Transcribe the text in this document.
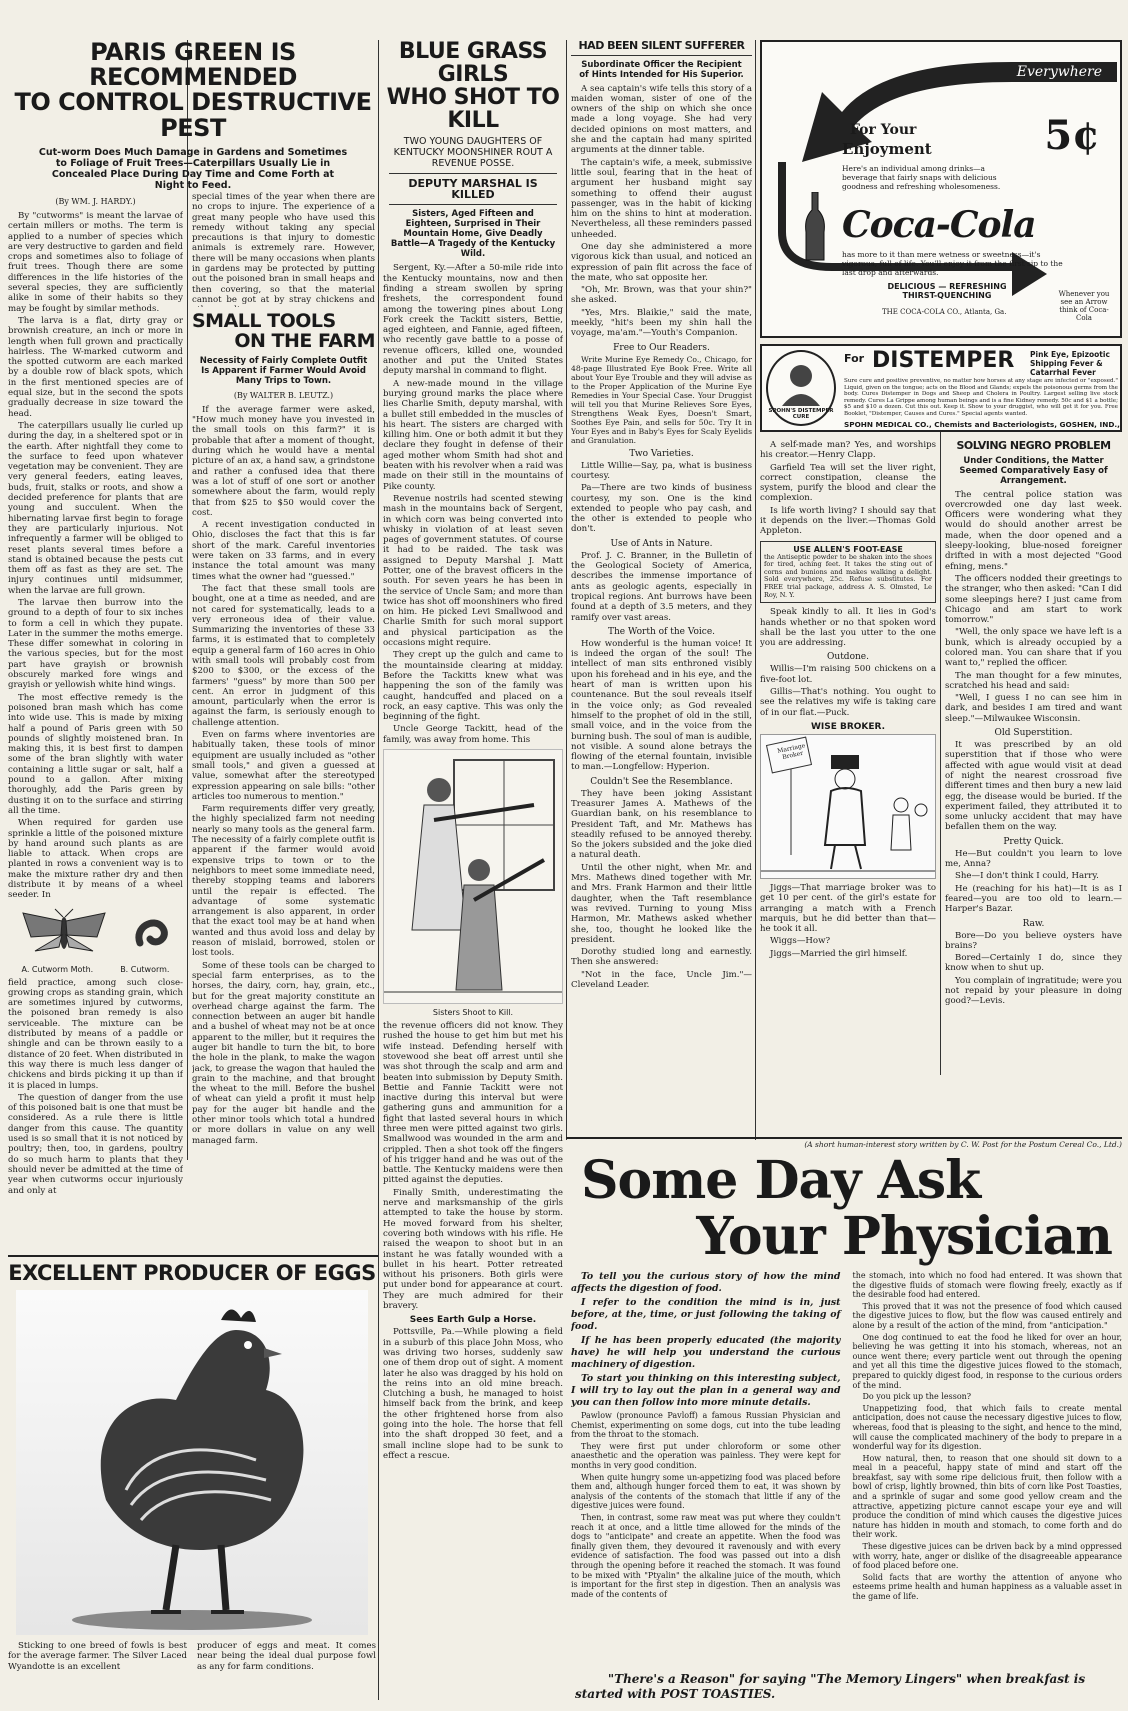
PARIS GREEN IS RECOMMENDED
TO CONTROL DESTRUCTIVE PEST
Cut-worm Does Much Damage in Gardens and Sometimes to Foliage of Fruit Trees—Caterpillars Usually Lie in Concealed Place During Day Time and Come Forth at Night to Feed.
(By WM. J. HARDY.)

By "cutworms" is meant the larvae of certain millers or moths. The term is applied to a number of species which are very destructive to garden and field crops and sometimes also to foliage of fruit trees. Though there are some differences in the life histories of the several species, they are sufficiently alike in some of their habits so they may be fought by similar methods.

The larva is a flat, dirty gray or brownish creature, an inch or more in length when full grown and practically hairless. The W-marked cutworm and the spotted cutworm are each marked by a double row of black spots, which in the first mentioned species are of equal size, but in the second the spots gradually decrease in size toward the head.

The caterpillars usually lie curled up during the day, in a sheltered spot or in the earth. After nightfall they come to the surface to feed upon whatever vegetation may be convenient. They are very general feeders, eating leaves, buds, fruit, stalks or roots, and show a decided preference for plants that are young and succulent. When the hibernating larvae first begin to forage they are particularly injurious. Not infrequently a farmer will be obliged to reset plants several times before a stand is obtained because the pests cut them off as fast as they are set. The injury continues until midsummer, when the larvae are full grown.

The larvae then burrow into the ground to a depth of four to six inches to form a cell in which they pupate. Later in the summer the moths emerge. These differ somewhat in coloring in the various species, but for the most part have grayish or brownish obscurely marked fore wings and grayish or yellowish white hind wings.

The most effective remedy is the poisoned bran mash which has come into wide use. This is made by mixing half a pound of Paris green with 50 pounds of slightly moistened bran. In making this, it is best first to dampen some of the bran slightly with water containing a little sugar or salt, half a pound to a gallon. After mixing thoroughly, add the Paris green by dusting it on to the surface and stirring all the time.

When required for garden use sprinkle a little of the poisoned mixture by hand around such plants as are liable to attack. When crops are planted in rows a convenient way is to make the mixture rather dry and then distribute it by means of a wheel seeder. In

A. Cutworm Moth.	B. Cutworm.

field practice, among such close-growing crops as standing grain, which are sometimes injured by cutworms, the poisoned bran remedy is also serviceable. The mixture can be distributed by means of a paddle or shingle and can be thrown easily to a distance of 20 feet. When distributed in this way there is much less danger of chickens and birds picking it up than if it is placed in lumps.

The question of danger from the use of this poisoned bait is one that must be considered. As a rule there is little danger from this cause. The quantity used is so small that it is not noticed by poultry; then, too, in gardens, poultry do so much harm to plants that they should never be admitted at the time of year when cutworms occur injuriously and only at

special times of the year when there are no crops to injure. The experience of a great many people who have used this remedy without taking any special precautions is that injury to domestic animals is extremely rare. However, there will be many occasions when plants in gardens may be protected by putting out the poisoned bran in small heaps and then covering, so that the material cannot be got at by stray chickens and

SMALL TOOLS
ON THE FARM
Necessity of Fairly Complete Outfit Is Apparent if Farmer Would Avoid Many Trips to Town.
(By WALTER B. LEUTZ.)

If the average farmer were asked, "How much money have you invested in the small tools on this farm?" it is probable that after a moment of thought, during which he would have a mental picture of an ax, a hand saw, a grindstone and rather a confused idea that there was a lot of stuff of one sort or another somewhere about the farm, would reply that from $25 to $50 would cover the cost.

A recent investigation conducted in Ohio, discloses the fact that this is far short of the mark. Careful inventories were taken on 33 farms, and in every instance the total amount was many times what the owner had "guessed."

The fact that these small tools are bought, one at a time as needed, and are not cared for systematically, leads to a very erroneous idea of their value. Summarizing the inventories of these 33 farms, it is estimated that to completely equip a general farm of 160 acres in Ohio with small tools will probably cost from $200 to $300, or the excess of the farmers' "guess" by more than 500 per cent. An error in judgment of this amount, particularly when the error is against the farm, is seriously enough to challenge attention.

Even on farms where inventories are habitually taken, these tools of minor equipment are usually included as "other small tools," and given a guessed at value, somewhat after the stereotyped expression appearing on sale bills: "other articles too numerous to mention."

Farm requirements differ very greatly, the highly specialized farm not needing nearly so many tools as the general farm. The necessity of a fairly complete outfit is apparent if the farmer would avoid expensive trips to town or to the neighbors to meet some immediate need, thereby stopping teams and laborers until the repair is effected. The advantage of some systematic arrangement is also apparent, in order that the exact tool may be at hand when wanted and thus avoid loss and delay by reason of mislaid, borrowed, stolen or lost tools.

Some of these tools can be charged to special farm enterprises, as to the horses, the dairy, corn, hay, grain, etc., but for the great majority constitute an overhead charge against the farm. The connection between an auger bit handle and a bushel of wheat may not be at once apparent to the miller, but it requires the auger bit handle to turn the bit, to bore the hole in the plank, to make the wagon jack, to grease the wagon that hauled the grain to the machine, and that brought the wheat to the mill. Before the bushel of wheat can yield a profit it must help pay for the auger bit handle and the other minor tools which total a hundred or more dollars in value on any well managed farm.

EXCELLENT PRODUCER OF EGGS

Sticking to one breed of fowls is best for the average farmer. The Silver Laced Wyandotte is an excellent

producer of eggs and meat. It comes near being the ideal dual purpose fowl as any for farm conditions.

BLUE GRASS GIRLS
WHO SHOT TO KILL
TWO YOUNG DAUGHTERS OF KENTUCKY MOONSHINER ROUT A REVENUE POSSE.
DEPUTY MARSHAL IS KILLED
Sisters, Aged Fifteen and Eighteen, Surprised in Their Mountain Home, Give Deadly Battle—A Tragedy of the Kentucky Wild.

Sergent, Ky.—After a 50-mile ride into the Kentucky mountains, now and then finding a stream swollen by spring freshets, the correspondent found among the towering pines about Long Fork creek the Tackitt sisters, Bettie, aged eighteen, and Fannie, aged fifteen, who recently gave battle to a posse of revenue officers, killed one, wounded another and put the United States deputy marshal in command to flight.

A new-made mound in the village burying ground marks the place where lies Charlie Smith, deputy marshal, with a bullet still embedded in the muscles of his heart. The sisters are charged with killing him. One or both admit it but they declare they fought in defense of their aged mother whom Smith had shot and beaten with his revolver when a raid was made on their still in the mountains of Pike county.

Revenue nostrils had scented stewing mash in the mountains back of Sergent, in which corn was being converted into whisky in violation of at least seven pages of government statutes. Of course it had to be raided. The task was assigned to Deputy Marshal J. Matt Potter, one of the bravest officers in the south. For seven years he has been in the service of Uncle Sam; and more than twice has shot off moonshiners who fired on him. He picked Levi Smallwood and Charlie Smith for such moral support and physical participation as the occasions might require.

They crept up the gulch and came to the mountainside clearing at midday. Before the Tackitts knew what was happening the son of the family was caught, handcuffed and placed on a rock, an easy captive. This was only the beginning of the fight.

Uncle George Tackitt, head of the family, was away from home. This

Sisters Shoot to Kill.

the revenue officers did not know. They rushed the house to get him but met his wife instead. Defending herself with stovewood she beat off arrest until she was shot through the scalp and arm and beaten into submission by Deputy Smith. Bettie and Fannie Tackitt were not inactive during this interval but were gathering guns and ammunition for a fight that lasted several hours in which three men were pitted against two girls. Smallwood was wounded in the arm and crippled. Then a shot took off the fingers of his trigger hand and he was out of the battle. The Kentucky maidens were then pitted against the deputies.

Finally Smith, underestimating the nerve and marksmanship of the girls attempted to take the house by storm. He moved forward from his shelter, covering both windows with his rifle. He raised the weapon to shoot but in an instant he was fatally wounded with a bullet in his heart. Potter retreated without his prisoners. Both girls were put under bond for appearance at court. They are much admired for their bravery.

Sees Earth Gulp a Horse.

Pottsville, Pa.—While plowing a field in a suburb of this place John Moss, who was driving two horses, suddenly saw one of them drop out of sight. A moment later he also was dragged by his hold on the reins into an old mine breach. Clutching a bush, he managed to hoist himself back from the brink, and keep the other frightened horse from also going into the hole. The horse that fell into the shaft dropped 30 feet, and a small incline slope had to be sunk to effect a rescue.

HAD BEEN SILENT SUFFERER
Subordinate Officer the Recipient of Hints Intended for His Superior.

A sea captain's wife tells this story of a maiden woman, sister of one of the owners of the ship on which she once made a long voyage. She had very decided opinions on most matters, and she and the captain had many spirited arguments at the dinner table.

The captain's wife, a meek, submissive little soul, fearing that in the heat of argument her husband might say something to offend their august passenger, was in the habit of kicking him on the shins to hint at moderation. Nevertheless, all these reminders passed unheeded.

One day she administered a more vigorous kick than usual, and noticed an expression of pain flit across the face of the mate, who sat opposite her.

"Oh, Mr. Brown, was that your shin?" she asked.

"Yes, Mrs. Blaikie," said the mate, meekly, "hit's been my shin hall the voyage, ma'am."—Youth's Companion.

Free to Our Readers.

Write Murine Eye Remedy Co., Chicago, for 48-page Illustrated Eye Book Free. Write all about Your Eye Trouble and they will advise as to the Proper Application of the Murine Eye Remedies in Your Special Case. Your Druggist will tell you that Murine Relieves Sore Eyes, Strengthens Weak Eyes, Doesn't Smart, Soothes Eye Pain, and sells for 50c. Try It in Your Eyes and in Baby's Eyes for Scaly Eyelids and Granulation.

Two Varieties.

Little Willie—Say, pa, what is business courtesy.

Pa—There are two kinds of business courtesy, my son. One is the kind extended to people who pay cash, and the other is extended to people who don't.

Use of Ants in Nature.

Prof. J. C. Branner, in the Bulletin of the Geological Society of America, describes the immense importance of ants as geologic agents, especially in tropical regions. Ant burrows have been found at a depth of 3.5 meters, and they ramify over vast areas.

The Worth of the Voice.

How wonderful is the human voice! It is indeed the organ of the soul! The intellect of man sits enthroned visibly upon his forehead and in his eye, and the heart of man is written upon his countenance. But the soul reveals itself in the voice only; as God revealed himself to the prophet of old in the still, small voice, and in the voice from the burning bush. The soul of man is audible, not visible. A sound alone betrays the flowing of the eternal fountain, invisible to man.—Longfellow: Hyperion.

Couldn't See the Resemblance.

They have been joking Assistant Treasurer James A. Mathews of the Guardian bank, on his resemblance to President Taft, and Mr. Mathews has steadily refused to be annoyed thereby. So the jokers subsided and the joke died a natural death.

Until the other night, when Mr. and Mrs. Mathews dined together with Mr. and Mrs. Frank Harmon and their little daughter, when the Taft resemblance was revived. Turning to young Miss Harmon, Mr. Mathews asked whether she, too, thought he looked like the president.

Dorothy studied long and earnestly. Then she answered:

"Not in the face, Uncle Jim."—Cleveland Leader.

Everywhere
5¢
For Your
Enjoyment
Here's an individual among drinks—a beverage that fairly snaps with delicious goodness and refreshing wholesomeness.
Coca-Cola
has more to it than mere wetness or sweetness—it's vigorous, full of life. You'll enjoy it from the first sip to the last drop and afterwards.
DELICIOUS — REFRESHING THIRST-QUENCHING
THE COCA-COLA CO., Atlanta, Ga.
Whenever you see an Arrow think of Coca-Cola
SPOHN'S DISTEMPER CURE
For DISTEMPER Pink Eye, Epizootic Shipping Fever & Catarrhal Fever
Sure cure and positive preventive, no matter how horses at any stage are infected or "exposed." Liquid, given on the tongue; acts on the Blood and Glands; expels the poisonous germs from the body. Cures Distemper in Dogs and Sheep and Cholera in Poultry. Largest selling live stock remedy. Cures La Grippe among human beings and is a fine Kidney remedy. 50c and $1 a bottle; $5 and $10 a dozen. Cut this out. Keep it. Show to your druggist, who will get it for you. Free Booklet, "Distemper, Causes and Cures." Special agents wanted.
SPOHN MEDICAL CO., Chemists and Bacteriologists, GOSHEN, IND.,

A self-made man? Yes, and worships his creator.—Henry Clapp.

Garfield Tea will set the liver right, correct constipation, cleanse the system, purify the blood and clear the complexion.

Is life worth living? I should say that it depends on the liver.—Thomas Gold Appleton.

USE ALLEN'S FOOT-EASE
the Antiseptic powder to be shaken into the shoes for tired, aching feet. It takes the sting out of corns and bunions and makes walking a delight. Sold everywhere, 25c. Refuse substitutes. For FREE trial package, address A. S. Olmsted, Le Roy, N. Y.

Speak kindly to all. It lies in God's hands whether or no that spoken word shall be the last you utter to the one you are addressing.

Outdone.

Willis—I'm raising 500 chickens on a five-foot lot.

Gillis—That's nothing. You ought to see the relatives my wife is taking care of in our flat.—Puck.

WISE BROKER.
Marriage Broker

Jiggs—That marriage broker was to get 10 per cent. of the girl's estate for arranging a match with a French marquis, but he did better than that—he took it all.

Wiggs—How?

Jiggs—Married the girl himself.

SOLVING NEGRO PROBLEM
Under Conditions, the Matter Seemed Comparatively Easy of Arrangement.

The central police station was overcrowded one day last week. Officers were wondering what they would do should another arrest be made, when the door opened and a sleepy-looking, blue-nosed foreigner drifted in with a most dejected "Good efning, mens."

The officers nodded their greetings to the stranger, who then asked: "Can I did some sleepings here? I just came from Chicago and am start to work tomorrow."

"Well, the only space we have left is a bunk, which is already occupied by a colored man. You can share that if you want to," replied the officer.

The man thought for a few minutes, scratched his head and said:

"Well, I guess I no can see him in dark, and besides I am tired and want sleep."—Milwaukee Wisconsin.

Old Superstition.

It was prescribed by an old superstition that if those who were affected with ague would visit at dead of night the nearest crossroad five different times and then bury a new laid egg, the disease would be buried. If the experiment failed, they attributed it to some unlucky accident that may have befallen them on the way.

Pretty Quick.

He—But couldn't you learn to love me, Anna?

She—I don't think I could, Harry.

He (reaching for his hat)—It is as I feared—you are too old to learn.—Harper's Bazar.

Raw.

Bore—Do you believe oysters have brains?

Bored—Certainly I do, since they know when to shut up.

You complain of ingratitude; were you not repaid by your pleasure in doing good?—Levis.

(A short human-interest story written by C. W. Post for the Postum Cereal Co., Ltd.)
Some Day Ask
Your Physician

To tell you the curious story of how the mind affects the digestion of food.

I refer to the condition the mind is in, just before, at the, time, or just following the taking of food.

If he has been properly educated (the majority have) he will help you understand the curious machinery of digestion.

To start you thinking on this interesting subject, I will try to lay out the plan in a general way and you can then follow into more minute details.

Pawlow (pronounce Pavloff) a famous Russian Physician and Chemist, experimenting on some dogs, cut into the tube leading from the throat to the stomach.

They were first put under chloroform or some other anaesthetic and the operation was painless. They were kept for months in very good condition.

When quite hungry some un-appetizing food was placed before them and, although hunger forced them to eat, it was shown by analysis of the contents of the stomach that little if any of the digestive juices were found.

Then, in contrast, some raw meat was put where they couldn't reach it at once, and a little time allowed for the minds of the dogs to "anticipate" and create an appetite. When the food was finally given them, they devoured it ravenously and with every evidence of satisfaction. The food was passed out into a dish through the opening before it reached the stomach. It was found to be mixed with "Ptyalin" the alkaline juice of the mouth, which is important for the first step in digestion. Then an analysis was made of the contents of

the stomach, into which no food had entered. It was shown that the digestive fluids of stomach were flowing freely, exactly as if the desirable food had entered.

This proved that it was not the presence of food which caused the digestive juices to flow, but the flow was caused entirely and alone by a result of the action of the mind, from "anticipation."

One dog continued to eat the food he liked for over an hour, believing he was getting it into his stomach, whereas, not an ounce went there; every particle went out through the opening and yet all this time the digestive juices flowed to the stomach, prepared to quickly digest food, in response to the curious orders of the mind.

Do you pick up the lesson?

Unappetizing food, that which fails to create mental anticipation, does not cause the necessary digestive juices to flow, whereas, food that is pleasing to the sight, and hence to the mind, will cause the complicated machinery of the body to prepare in a wonderful way for its digestion.

How natural, then, to reason that one should sit down to a meal in a peaceful, happy state of mind and start off the breakfast, say with some ripe delicious fruit, then follow with a bowl of crisp, lightly browned, thin bits of corn like Post Toasties, and a sprinkle of sugar and some good yellow cream and the attractive, appetizing picture cannot escape your eye and will produce the condition of mind which causes the digestive juices nature has hidden in mouth and stomach, to come forth and do their work.

These digestive juices can be driven back by a mind oppressed with worry, hate, anger or dislike of the disagreeable appearance of food placed before one.

Solid facts that are worthy the attention of anyone who esteems prime health and human happiness as a valuable asset in the game of life.

"There's a Reason" for saying "The Memory Lingers" when breakfast is
started with POST TOASTIES.
